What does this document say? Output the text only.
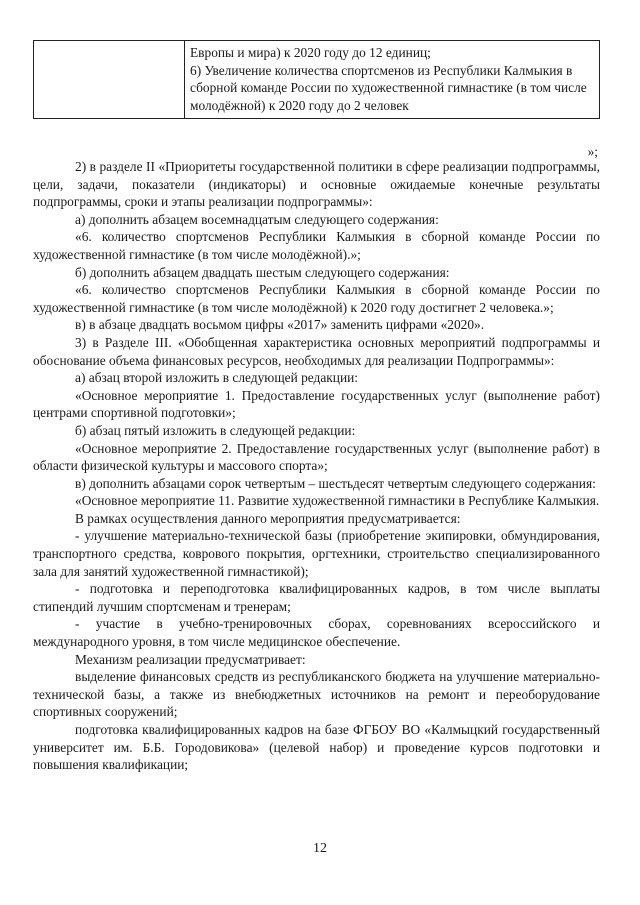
Европы и мира) к 2020 году до 12 единиц;
6) Увеличение количества спортсменов из Республики Калмыкия в сборной команде России по художественной гимнастике (в том числе молодёжной) к 2020 году до 2 человек
»;

2) в разделе II «Приоритеты государственной политики в сфере реализации подпрограммы, цели, задачи, показатели (индикаторы) и основные ожидаемые конечные результаты подпрограммы, сроки и этапы реализации подпрограммы»:

а) дополнить абзацем восемнадцатым следующего содержания:

«6. количество спортсменов Республики Калмыкия в сборной команде России по художественной гимнастике (в том числе молодёжной).»;

б) дополнить абзацем двадцать шестым следующего содержания:

«6. количество спортсменов Республики Калмыкия в сборной команде России по художественной гимнастике (в том числе молодёжной) к 2020 году достигнет 2 человека.»;

в) в абзаце двадцать восьмом цифры «2017» заменить цифрами «2020».

3) в Разделе III. «Обобщенная характеристика основных мероприятий подпрограммы и обоснование объема финансовых ресурсов, необходимых для реализации Подпрограммы»:

а) абзац второй изложить в следующей редакции:

«Основное мероприятие 1. Предоставление государственных услуг (выполнение работ) центрами спортивной подготовки»;

б) абзац пятый изложить в следующей редакции:

«Основное мероприятие 2. Предоставление государственных услуг (выполнение работ) в области физической культуры и массового спорта»;

в) дополнить абзацами сорок четвертым – шестьдесят четвертым следующего содержания:

«Основное мероприятие 11. Развитие художественной гимнастики в Республике Калмыкия.

В рамках осуществления данного мероприятия предусматривается:

- улучшение материально-технической базы (приобретение экипировки, обмундирования, транспортного средства, коврового покрытия, оргтехники, строительство специализированного зала для занятий художественной гимнастикой);

- подготовка и переподготовка квалифицированных кадров, в том числе выплаты стипендий лучшим спортсменам и тренерам;

- участие в учебно-тренировочных сборах, соревнованиях всероссийского и международного уровня, в том числе медицинское обеспечение.

Механизм реализации предусматривает:

выделение финансовых средств из республиканского бюджета на улучшение материально-технической базы, а также из внебюджетных источников на ремонт и переоборудование спортивных сооружений;

подготовка квалифицированных кадров на базе ФГБОУ ВО «Калмыцкий государственный университет им. Б.Б. Городовикова» (целевой набор) и проведение курсов подготовки и повышения квалификации;

12
